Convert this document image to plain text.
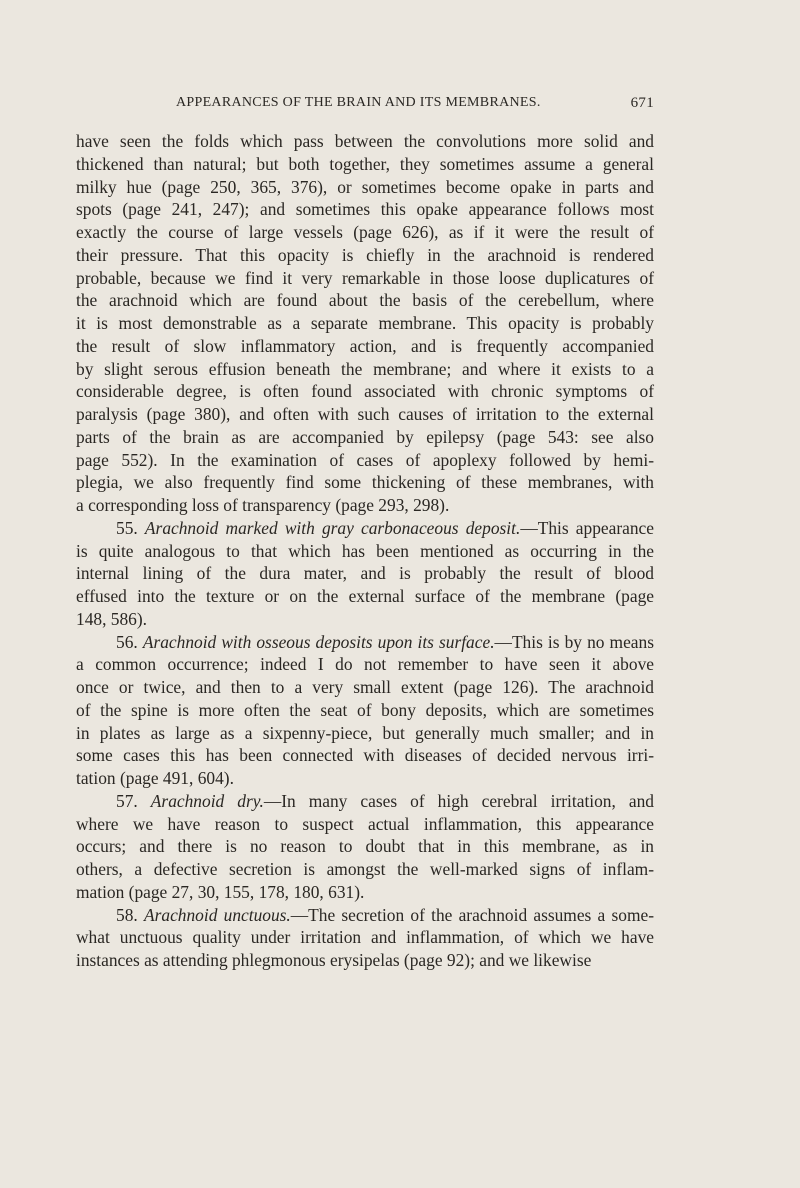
APPEARANCES OF THE BRAIN AND ITS MEMBRANES.	671
have seen the folds which pass between the convolutions more solid and
thickened than natural; but both together, they sometimes assume a general
milky hue (page 250, 365, 376), or sometimes become opake in parts and
spots (page 241, 247); and sometimes this opake appearance follows most
exactly the course of large vessels (page 626), as if it were the result of
their pressure. That this opacity is chiefly in the arachnoid is rendered
probable, because we find it very remarkable in those loose duplicatures of
the arachnoid which are found about the basis of the cerebellum, where
it is most demonstrable as a separate membrane. This opacity is probably
the result of slow inflammatory action, and is frequently accompanied
by slight serous effusion beneath the membrane; and where it exists to a
considerable degree, is often found associated with chronic symptoms of
paralysis (page 380), and often with such causes of irritation to the external
parts of the brain as are accompanied by epilepsy (page 543: see also
page 552). In the examination of cases of apoplexy followed by hemi-
plegia, we also frequently find some thickening of these membranes, with
a corresponding loss of transparency (page 293, 298).
55. Arachnoid marked with gray carbonaceous deposit.—This appearance
is quite analogous to that which has been mentioned as occurring in the
internal lining of the dura mater, and is probably the result of blood
effused into the texture or on the external surface of the membrane (page
148, 586).
56. Arachnoid with osseous deposits upon its surface.—This is by no means
a common occurrence; indeed I do not remember to have seen it above
once or twice, and then to a very small extent (page 126). The arachnoid
of the spine is more often the seat of bony deposits, which are sometimes
in plates as large as a sixpenny-piece, but generally much smaller; and in
some cases this has been connected with diseases of decided nervous irri-
tation (page 491, 604).
57. Arachnoid dry.—In many cases of high cerebral irritation, and
where we have reason to suspect actual inflammation, this appearance
occurs; and there is no reason to doubt that in this membrane, as in
others, a defective secretion is amongst the well-marked signs of inflam-
mation (page 27, 30, 155, 178, 180, 631).
58. Arachnoid unctuous.—The secretion of the arachnoid assumes a some-
what unctuous quality under irritation and inflammation, of which we have
instances as attending phlegmonous erysipelas (page 92); and we likewise
